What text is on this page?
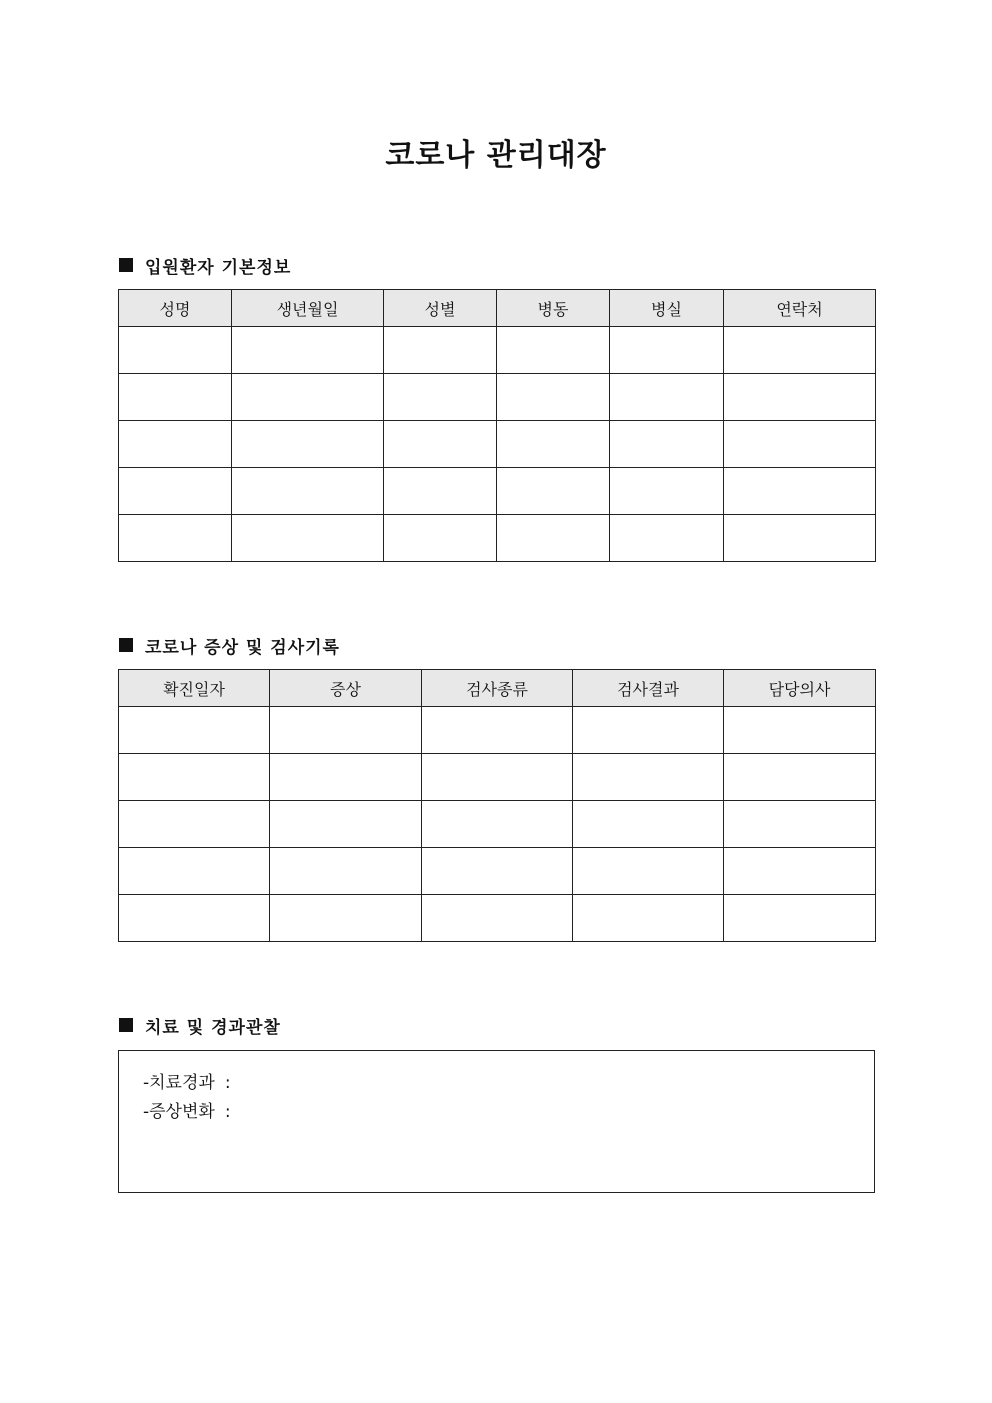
코로나 관리대장
입원환자 기본정보
성명	생년월일	성별	병동	병실	연락처

코로나 증상 및 검사기록
확진일자	증상	검사종류	검사결과	담당의사

치료 및 경과관찰
-치료경과 :
-증상변화 :
